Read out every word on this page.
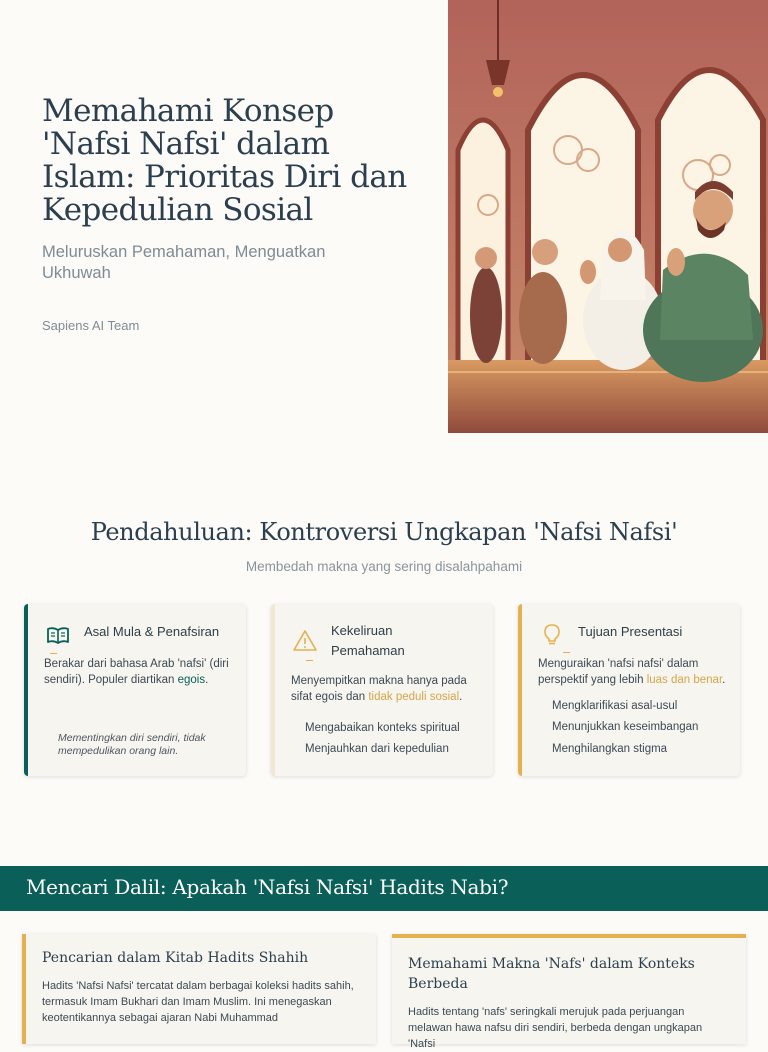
Memahami Konsep 'Nafsi Nafsi' dalam Islam: Prioritas Diri dan Kepedulian Sosial

Meluruskan Pemahaman, Menguatkan Ukhuwah

Sapiens AI Team

Pendahuluan: Kontroversi Ungkapan 'Nafsi Nafsi'

Membedah makna yang sering disalahpahami

Asal Mula & Penafsiran
Berakar dari bahasa Arab 'nafsi' (diri sendiri). Populer diartikan egois.
Mementingkan diri sendiri, tidak mempedulikan orang lain.
Kekeliruan Pemahaman
Menyempitkan makna hanya pada sifat egois dan tidak peduli sosial.
Mengabaikan konteks spiritual
Menjauhkan dari kepedulian
Tujuan Presentasi
Menguraikan 'nafsi nafsi' dalam perspektif yang lebih luas dan benar.
Mengklarifikasi asal-usul
Menunjukkan keseimbangan
Menghilangkan stigma
Mencari Dalil: Apakah 'Nafsi Nafsi' Hadits Nabi?
Pencarian dalam Kitab Hadits Shahih

Hadits 'Nafsi Nafsi' tercatat dalam berbagai koleksi hadits sahih, termasuk Imam Bukhari dan Imam Muslim. Ini menegaskan keotentikannya sebagai ajaran Nabi Muhammad

Memahami Makna 'Nafs' dalam Konteks Berbeda

Hadits tentang 'nafs' seringkali merujuk pada perjuangan melawan hawa nafsu diri sendiri, berbeda dengan ungkapan 'Nafsi
